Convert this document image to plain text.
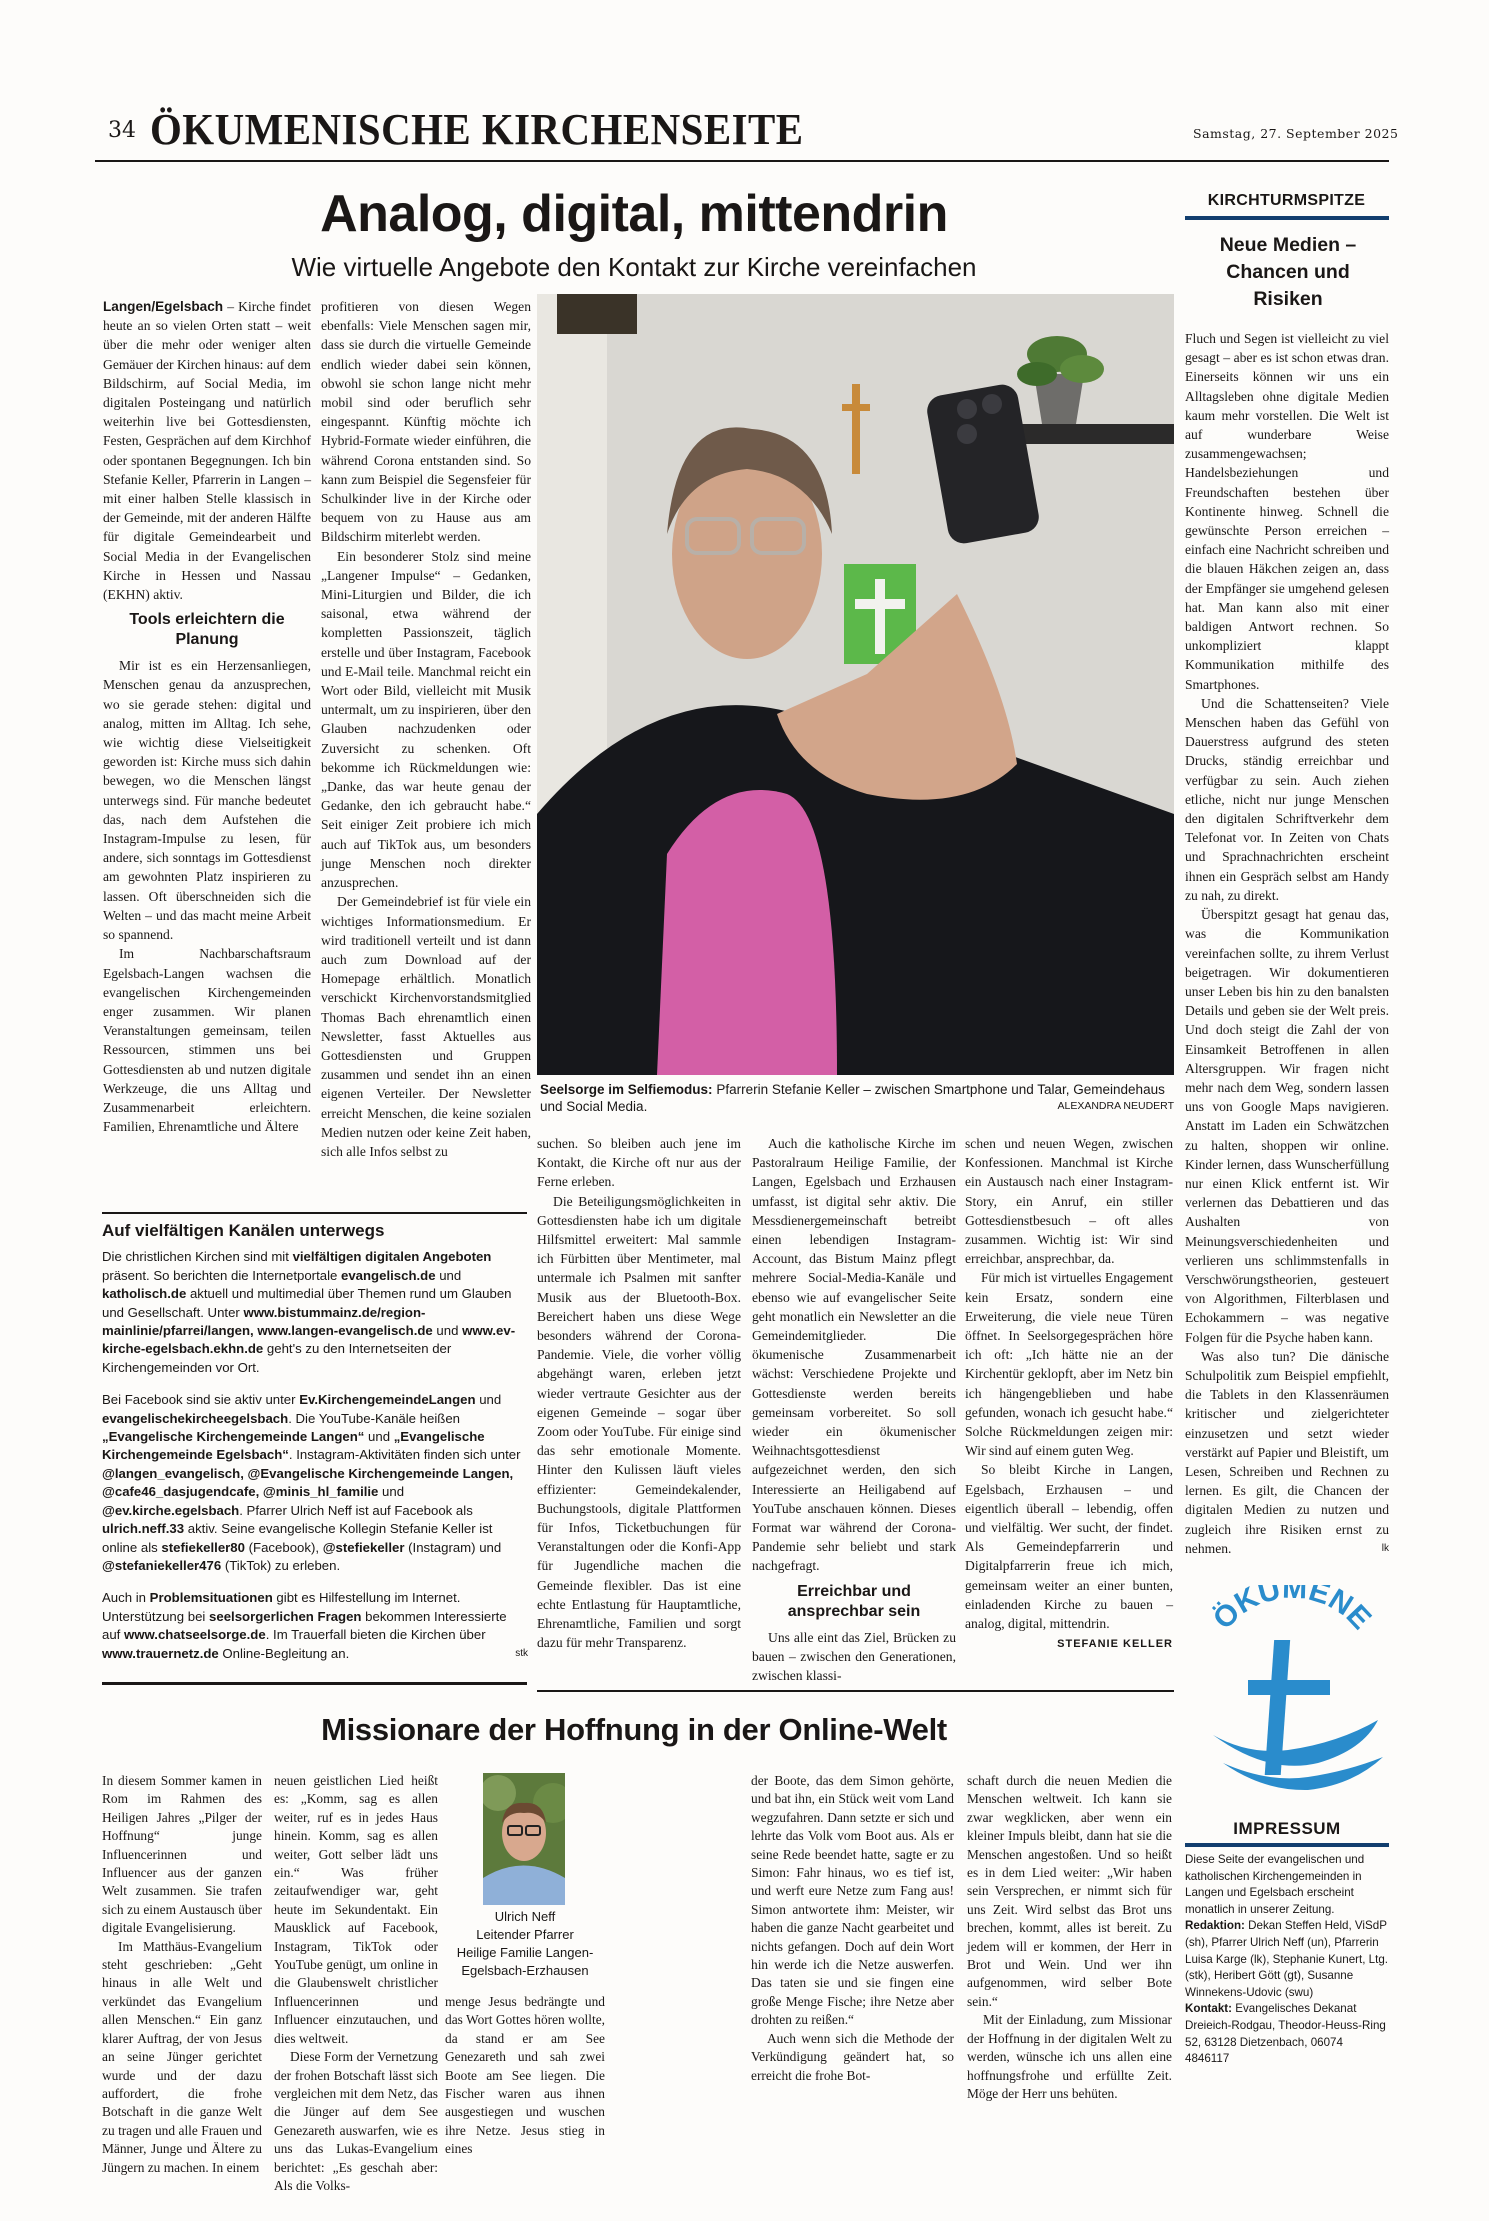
34 ÖKUMENISCHE KIRCHENSEITE	Samstag, 27. September 2025
Analog, digital, mittendrin
Wie virtuelle Angebote den Kontakt zur Kirche vereinfachen

Langen/Egelsbach – Kirche findet heute an so vielen Orten statt – weit über die mehr oder weniger alten Gemäuer der Kirchen hinaus: auf dem Bildschirm, auf Social Media, im digitalen Posteingang und natürlich weiterhin live bei Gottesdiensten, Festen, Gesprächen auf dem Kirchhof oder spontanen Begegnungen. Ich bin Stefanie Keller, Pfarrerin in Langen – mit einer halben Stelle klassisch in der Gemeinde, mit der anderen Hälfte für digitale Gemeindearbeit und Social Media in der Evangelischen Kirche in Hessen und Nassau (EKHN) aktiv.

Tools erleichtern die Planung

Mir ist es ein Herzensanliegen, Menschen genau da anzusprechen, wo sie gerade stehen: digital und analog, mitten im Alltag. Ich sehe, wie wichtig diese Vielseitigkeit geworden ist: Kirche muss sich dahin bewegen, wo die Menschen längst unterwegs sind. Für manche bedeutet das, nach dem Aufstehen die Instagram-Impulse zu lesen, für andere, sich sonntags im Gottesdienst am gewohnten Platz inspirieren zu lassen. Oft überschneiden sich die Welten – und das macht meine Arbeit so spannend.

Im Nachbarschaftsraum Egelsbach-Langen wachsen die evangelischen Kirchengemeinden enger zusammen. Wir planen Veranstaltungen gemeinsam, teilen Ressourcen, stimmen uns bei Gottesdiensten ab und nutzen digitale Werkzeuge, die uns Alltag und Zusammenarbeit erleichtern. Familien, Ehrenamtliche und Ältere

profitieren von diesen Wegen ebenfalls: Viele Menschen sagen mir, dass sie durch die virtuelle Gemeinde endlich wieder dabei sein können, obwohl sie schon lange nicht mehr mobil sind oder beruflich sehr eingespannt. Künftig möchte ich Hybrid-Formate wieder einführen, die während Corona entstanden sind. So kann zum Beispiel die Segensfeier für Schulkinder live in der Kirche oder bequem von zu Hause aus am Bildschirm miterlebt werden.

Ein besonderer Stolz sind meine „Langener Impulse“ – Gedanken, Mini-Liturgien und Bilder, die ich saisonal, etwa während der kompletten Passionszeit, täglich erstelle und über Instagram, Facebook und E-Mail teile. Manchmal reicht ein Wort oder Bild, vielleicht mit Musik untermalt, um zu inspirieren, über den Glauben nachzudenken oder Zuversicht zu schenken. Oft bekomme ich Rückmeldungen wie: „Danke, das war heute genau der Gedanke, den ich gebraucht habe.“ Seit einiger Zeit probiere ich mich auch auf TikTok aus, um besonders junge Menschen noch direkter anzusprechen.

Der Gemeindebrief ist für viele ein wichtiges Informationsmedium. Er wird traditionell verteilt und ist dann auch zum Download auf der Homepage erhältlich. Monatlich verschickt Kirchenvorstandsmitglied Thomas Bach ehrenamtlich einen Newsletter, fasst Aktuelles aus Gottesdiensten und Gruppen zusammen und sendet ihn an einen eigenen Verteiler. Der Newsletter erreicht Menschen, die keine sozialen Medien nutzen oder keine Zeit haben, sich alle Infos selbst zu

Seelsorge im Selfiemodus: Pfarrerin Stefanie Keller – zwischen Smartphone und Talar, Gemeindehaus und Social Media.	ALEXANDRA NEUDERT

suchen. So bleiben auch jene im Kontakt, die Kirche oft nur aus der Ferne erleben.

Die Beteiligungsmöglichkeiten in Gottesdiensten habe ich um digitale Hilfsmittel erweitert: Mal sammle ich Fürbitten über Mentimeter, mal untermale ich Psalmen mit sanfter Musik aus der Bluetooth-Box. Bereichert haben uns diese Wege besonders während der Corona-Pandemie. Viele, die vorher völlig abgehängt waren, erleben jetzt wieder vertraute Gesichter aus der eigenen Gemeinde – sogar über Zoom oder YouTube. Für einige sind das sehr emotionale Momente. Hinter den Kulissen läuft vieles effizienter: Gemeindekalender, Buchungstools, digitale Plattformen für Infos, Ticketbuchungen für Veranstaltungen oder die Konfi-App für Jugendliche machen die Gemeinde flexibler. Das ist eine echte Entlastung für Hauptamtliche, Ehrenamtliche, Familien und sorgt dazu für mehr Transparenz.

Auch die katholische Kirche im Pastoralraum Heilige Familie, der Langen, Egelsbach und Erzhausen umfasst, ist digital sehr aktiv. Die Messdienergemeinschaft betreibt einen lebendigen Instagram-Account, das Bistum Mainz pflegt mehrere Social-Media-Kanäle und ebenso wie auf evangelischer Seite geht monatlich ein Newsletter an die Gemeindemitglieder. Die ökumenische Zusammenarbeit wächst: Verschiedene Projekte und Gottesdienste werden bereits gemeinsam vorbereitet. So soll wieder ein ökumenischer Weihnachtsgottesdienst aufgezeichnet werden, den sich Interessierte an Heiligabend auf YouTube anschauen können. Dieses Format war während der Corona-Pandemie sehr beliebt und stark nachgefragt.

Erreichbar und ansprechbar sein

Uns alle eint das Ziel, Brücken zu bauen – zwischen den Generationen, zwischen klassi-

schen und neuen Wegen, zwischen Konfessionen. Manchmal ist Kirche ein Austausch nach einer Instagram-Story, ein Anruf, ein stiller Gottesdienstbesuch – oft alles zusammen. Wichtig ist: Wir sind erreichbar, ansprechbar, da.

Für mich ist virtuelles Engagement kein Ersatz, sondern eine Erweiterung, die viele neue Türen öffnet. In Seelsorgegesprächen höre ich oft: „Ich hätte nie an der Kirchentür geklopft, aber im Netz bin ich hängengeblieben und habe gefunden, wonach ich gesucht habe.“ Solche Rückmeldungen zeigen mir: Wir sind auf einem guten Weg.

So bleibt Kirche in Langen, Egelsbach, Erzhausen – und eigentlich überall – lebendig, offen und vielfältig. Wer sucht, der findet. Als Gemeindepfarrerin und Digitalpfarrerin freue ich mich, gemeinsam weiter an einer bunten, einladenden Kirche zu bauen – analog, digital, mittendrin.

STEFANIE KELLER
Auf vielfältigen Kanälen unterwegs

Die christlichen Kirchen sind mit vielfältigen digitalen Angeboten präsent. So berichten die Internetportale evangelisch.de und katholisch.de aktuell und multimedial über Themen rund um Glauben und Gesellschaft. Unter www.bistummainz.de/region-mainlinie/pfarrei/langen, www.langen-evangelisch.de und www.ev-kirche-egelsbach.ekhn.de geht's zu den Internetseiten der Kirchengemeinden vor Ort.

Bei Facebook sind sie aktiv unter Ev.KirchengemeindeLangen und evangelischekircheegelsbach. Die YouTube-Kanäle heißen „Evangelische Kirchengemeinde Langen“ und „Evangelische Kirchengemeinde Egelsbach“. Instagram-Aktivitäten finden sich unter @langen_evangelisch, @Evangelische Kirchengemeinde Langen, @cafe46_dasjugendcafe, @minis_hl_familie und @ev.kirche.egelsbach. Pfarrer Ulrich Neff ist auf Facebook als ulrich.neff.33 aktiv. Seine evangelische Kollegin Stefanie Keller ist online als stefiekeller80 (Facebook), @stefiekeller (Instagram) und @stefaniekeller476 (TikTok) zu erleben.

Auch in Problemsituationen gibt es Hilfestellung im Internet. Unterstützung bei seelsorgerlichen Fragen bekommen Interessierte auf www.chatseelsorge.de. Im Trauerfall bieten die Kirchen über www.trauernetz.de Online-Begleitung an.	stk

KIRCHTURMSPITZE
Neue Medien – Chancen und Risiken

Fluch und Segen ist vielleicht zu viel gesagt – aber es ist schon etwas dran. Einerseits können wir uns ein Alltagsleben ohne digitale Medien kaum mehr vorstellen. Die Welt ist auf wunderbare Weise zusammengewachsen; Handelsbeziehungen und Freundschaften bestehen über Kontinente hinweg. Schnell die gewünschte Person erreichen – einfach eine Nachricht schreiben und die blauen Häkchen zeigen an, dass der Empfänger sie umgehend gelesen hat. Man kann also mit einer baldigen Antwort rechnen. So unkompliziert klappt Kommunikation mithilfe des Smartphones.

Und die Schattenseiten? Viele Menschen haben das Gefühl von Dauerstress aufgrund des steten Drucks, ständig erreichbar und verfügbar zu sein. Auch ziehen etliche, nicht nur junge Menschen den digitalen Schriftverkehr dem Telefonat vor. In Zeiten von Chats und Sprachnachrichten erscheint ihnen ein Gespräch selbst am Handy zu nah, zu direkt.

Überspitzt gesagt hat genau das, was die Kommunikation vereinfachen sollte, zu ihrem Verlust beigetragen. Wir dokumentieren unser Leben bis hin zu den banalsten Details und geben sie der Welt preis. Und doch steigt die Zahl der von Einsamkeit Betroffenen in allen Altersgruppen. Wir fragen nicht mehr nach dem Weg, sondern lassen uns von Google Maps navigieren. Anstatt im Laden ein Schwätzchen zu halten, shoppen wir online. Kinder lernen, dass Wunscherfüllung nur einen Klick entfernt ist. Wir verlernen das Debattieren und das Aushalten von Meinungsverschiedenheiten und verlieren uns schlimmstenfalls in Verschwörungstheorien, gesteuert von Algorithmen, Filterblasen und Echokammern – was negative Folgen für die Psyche haben kann.

Was also tun? Die dänische Schulpolitik zum Beispiel empfiehlt, die Tablets in den Klassenräumen kritischer und zielgerichteter einzusetzen und setzt wieder verstärkt auf Papier und Bleistift, um Lesen, Schreiben und Rechnen zu lernen. Es gilt, die Chancen der digitalen Medien zu nutzen und zugleich ihre Risiken ernst zu nehmen.	lk

ÖKUMENE
IMPRESSUM
Diese Seite der evangelischen und katholischen Kirchengemeinden in Langen und Egelsbach erscheint monatlich in unserer Zeitung.
Redaktion: Dekan Steffen Held, ViSdP (sh), Pfarrer Ulrich Neff (un), Pfarrerin Luisa Karge (lk), Stephanie Kunert, Ltg. (stk), Heribert Gött (gt), Susanne Winnekens-Udovic (swu)
Kontakt: Evangelisches Dekanat Dreieich-Rodgau, Theodor-Heuss-Ring 52, 63128 Dietzenbach, 06074 4846117
Missionare der Hoffnung in der Online-Welt

In diesem Sommer kamen in Rom im Rahmen des Heiligen Jahres „Pilger der Hoffnung“ junge Influencerinnen und Influencer aus der ganzen Welt zusammen. Sie trafen sich zu einem Austausch über digitale Evangelisierung.

Im Matthäus-Evangelium steht geschrieben: „Geht hinaus in alle Welt und verkündet das Evangelium allen Menschen.“ Ein ganz klarer Auftrag, der von Jesus an seine Jünger gerichtet wurde und der dazu auffordert, die frohe Botschaft in die ganze Welt zu tragen und alle Frauen und Männer, Junge und Ältere zu Jüngern zu machen. In einem

neuen geistlichen Lied heißt es: „Komm, sag es allen weiter, ruf es in jedes Haus hinein. Komm, sag es allen weiter, Gott selber lädt uns ein.“ Was früher zeitaufwendiger war, geht heute im Sekundentakt. Ein Mausklick auf Facebook, Instagram, TikTok oder YouTube genügt, um online in die Glaubenswelt christlicher Influencerinnen und Influencer einzutauchen, und dies weltweit.

Diese Form der Vernetzung der frohen Botschaft lässt sich vergleichen mit dem Netz, das die Jünger auf dem See Genezareth auswarfen, wie es uns das Lukas-Evangelium berichtet: „Es geschah aber: Als die Volks-

Ulrich Neff
Leitender Pfarrer
Heilige Familie Langen-Egelsbach-Erzhausen

menge Jesus bedrängte und das Wort Gottes hören wollte, da stand er am See Genezareth und sah zwei Boote am See liegen. Die Fischer waren aus ihnen ausgestiegen und wuschen ihre Netze. Jesus stieg in eines

der Boote, das dem Simon gehörte, und bat ihn, ein Stück weit vom Land wegzufahren. Dann setzte er sich und lehrte das Volk vom Boot aus. Als er seine Rede beendet hatte, sagte er zu Simon: Fahr hinaus, wo es tief ist, und werft eure Netze zum Fang aus! Simon antwortete ihm: Meister, wir haben die ganze Nacht gearbeitet und nichts gefangen. Doch auf dein Wort hin werde ich die Netze auswerfen. Das taten sie und sie fingen eine große Menge Fische; ihre Netze aber drohten zu reißen.“

Auch wenn sich die Methode der Verkündigung geändert hat, so erreicht die frohe Bot-

schaft durch die neuen Medien die Menschen weltweit. Ich kann sie zwar wegklicken, aber wenn ein kleiner Impuls bleibt, dann hat sie die Menschen angestoßen. Und so heißt es in dem Lied weiter: „Wir haben sein Versprechen, er nimmt sich für uns Zeit. Wird selbst das Brot uns brechen, kommt, alles ist bereit. Zu jedem will er kommen, der Herr in Brot und Wein. Und wer ihn aufgenommen, wird selber Bote sein.“

Mit der Einladung, zum Missionar der Hoffnung in der digitalen Welt zu werden, wünsche ich uns allen eine hoffnungsfrohe und erfüllte Zeit. Möge der Herr uns behüten.
